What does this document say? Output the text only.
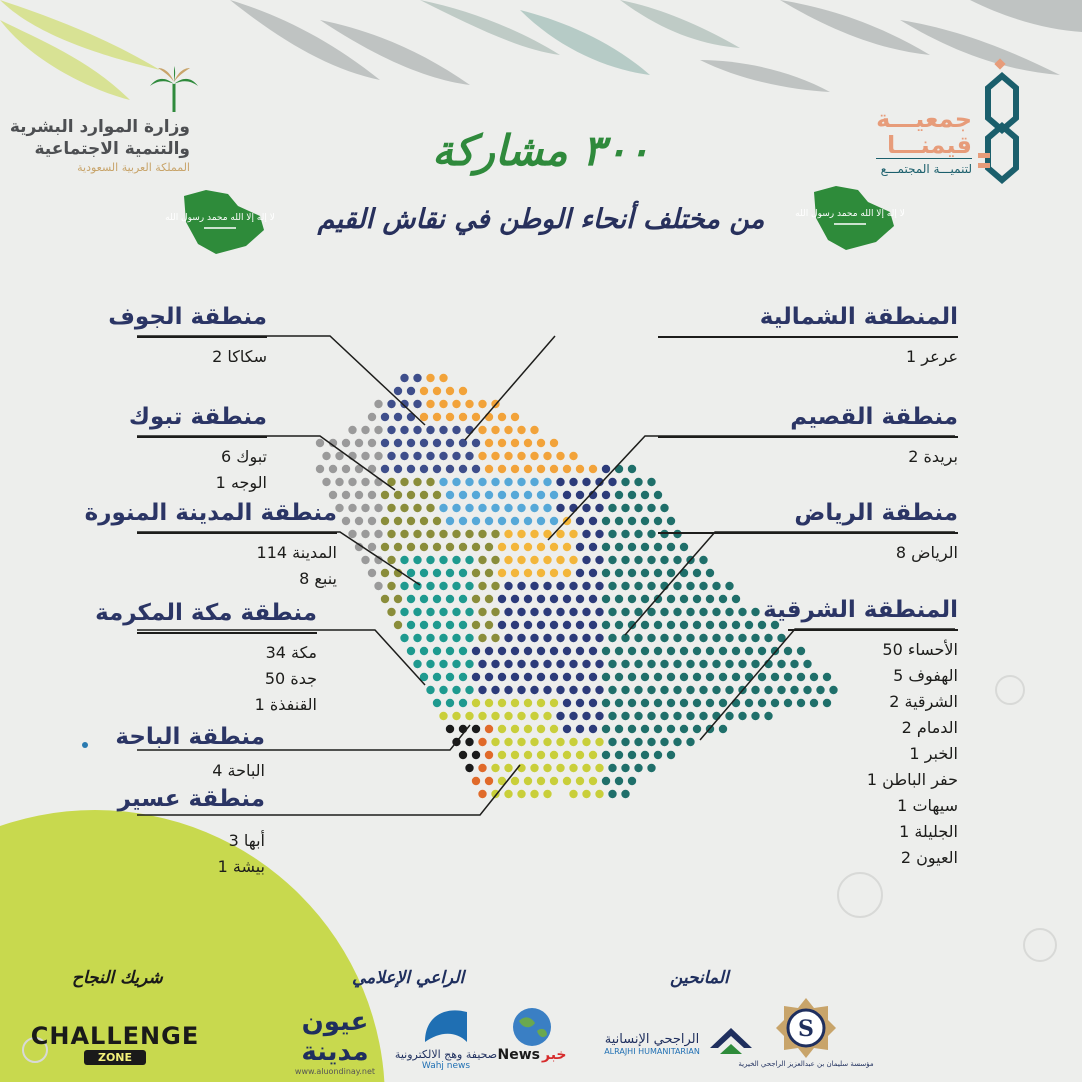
وزارة الموارد البشرية
والتنمية الاجتماعية
المملكة العربية السعودية
جمعيـــة
قيمنـــا
لتنميـــة المجتمـــع
٣٠٠ مشاركة
لا إله إلا الله محمد رسول الله	لا إله إلا الله محمد رسول الله
من مختلف أنحاء الوطن في نقاش القيم
المنطقة الشمالية
عرعر 1
منطقة القصيم
بريدة 2
منطقة الرياض
الرياض 8
المنطقة الشرقية
الأحساء 50
الهفوف 5
الشرقية 2
الدمام 2
الخبر 1
حفر الباطن 1
سيهات 1
الجليلة 1
العيون 2
منطقة الجوف
سكاكا 2
منطقة تبوك
تبوك 6
الوجه 1
منطقة المدينة المنورة
المدينة 114
ينبع 8
منطقة مكة المكرمة
مكة 34
جدة 50
القنفذة 1
منطقة الباحة
الباحة 4
منطقة عسير
أبها 3
بيشة 1
شريك النجاح	الراعي الإعلامي	المانحين
CHALLENGE
ZONE
عيون مدينة
www.aluondinay.net
صحيفة وهج الالكترونية
Wahj news
News خبر
الراجحي الإنسانية
ALRAJHI HUMANITARIAN
S
مؤسسة سليمان بن عبدالعزيز الراجحي الخيرية
